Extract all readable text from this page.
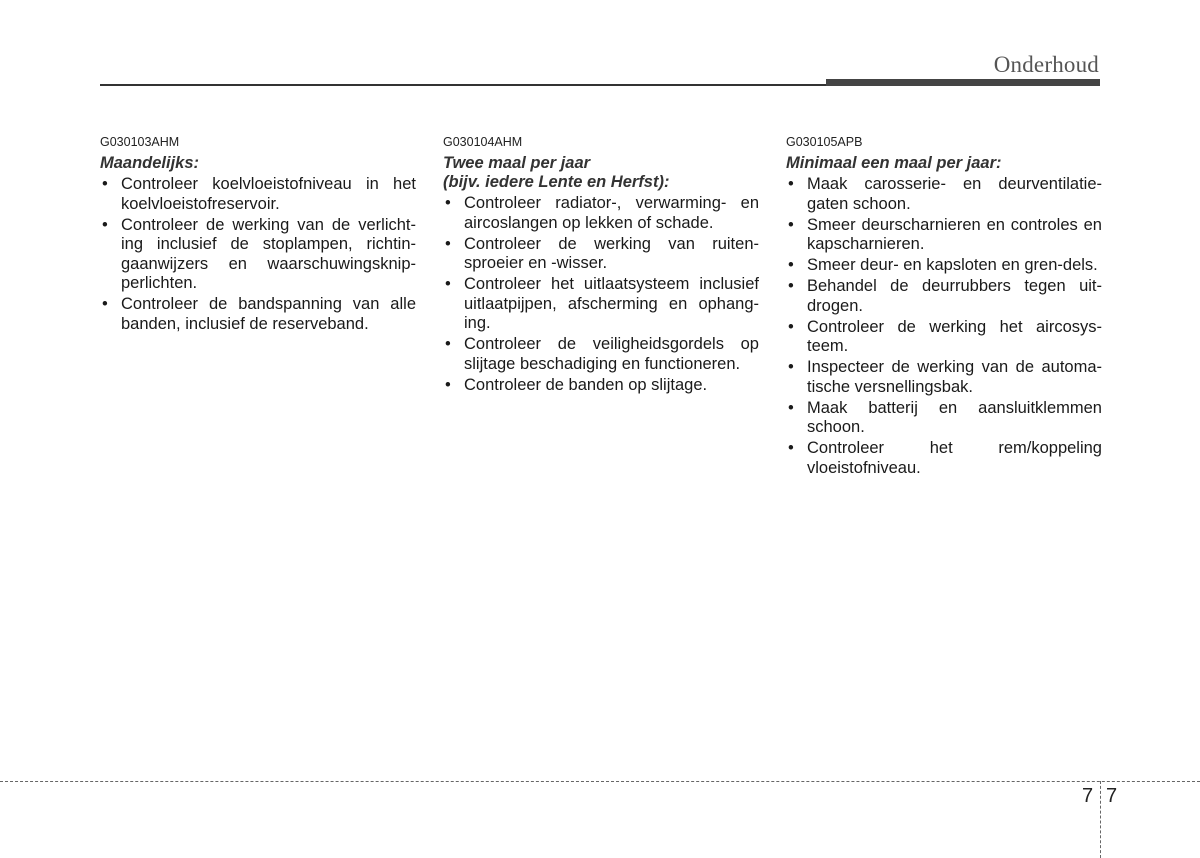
Onderhoud

G030103AHM

Maandelijks:

• Controleer koelvloeistofniveau in het koelvloeistofreservoir.
• Controleer de werking van de verlicht-ing inclusief de stoplampen, richtin-gaanwijzers en waarschuwingsknip-perlichten.
• Controleer de bandspanning van alle banden, inclusief de reserveband.

G030104AHM

Twee maal per jaar

(bijv. iedere Lente en Herfst):

• Controleer radiator-, verwarming- en aircoslangen op lekken of schade.
• Controleer de werking van ruiten-sproeier en -wisser.
• Controleer het uitlaatsysteem inclusief uitlaatpijpen, afscherming en ophang-ing.
• Controleer de veiligheidsgordels op slijtage beschadiging en functioneren.
• Controleer de banden op slijtage.

G030105APB

Minimaal een maal per jaar:

• Maak carosserie- en deurventilatie-gaten schoon.
• Smeer deurscharnieren en controles en kapscharnieren.
• Smeer deur- en kapsloten en gren-dels.
• Behandel de deurrubbers tegen uit-drogen.
• Controleer de werking het aircosys-teem.
• Inspecteer de werking van de automa-tische versnellingsbak.
• Maak batterij en aansluitklemmen schoon.
• Controleer het rem/koppeling vloeistofniveau.
7 7
